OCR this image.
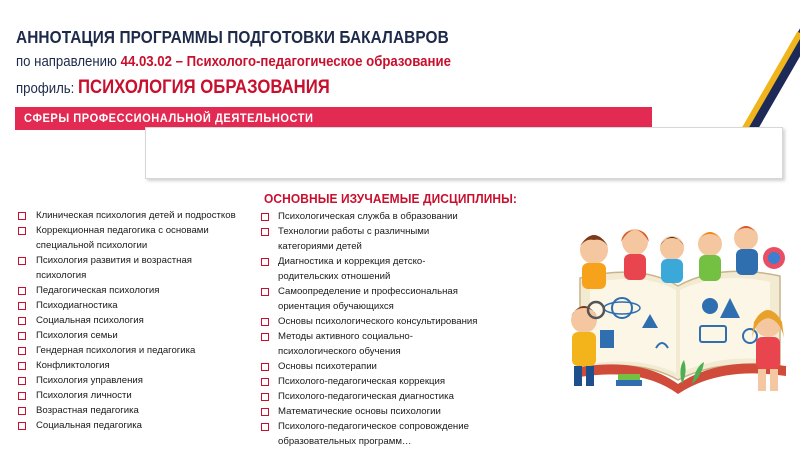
АННОТАЦИЯ ПРОГРАММЫ ПОДГОТОВКИ БАКАЛАВРОВ
по направлению 44.03.02 – Психолого-педагогическое образование
профиль: ПСИХОЛОГИЯ ОБРАЗОВАНИЯ
СФЕРЫ ПРОФЕССИОНАЛЬНОЙ ДЕЯТЕЛЬНОСТИ
ОСНОВНЫЕ ИЗУЧАЕМЫЕ ДИСЦИПЛИНЫ:
Клиническая психология детей и подростков
Коррекционная педагогика с основами
специальной психологии
Психология развития и возрастная
психология
Педагогическая психология
Психодиагностика
Социальная психология
Психология семьи
Гендерная психология и педагогика
Конфликтология
Психология управления
Психология личности
Возрастная педагогика
Социальная педагогика
Психологическая служба в образовании
Технологии работы с различными
категориями детей
Диагностика и коррекция детско-
родительских отношений
Самоопределение и профессиональная
ориентация обучающихся
Основы психологического консультирования
Методы активного социально-
психологического обучения
Основы психотерапии
Психолого-педагогическая коррекция
Психолого-педагогическая диагностика
Математические основы психологии
Психолого-педагогическое сопровождение
образовательных программ…
